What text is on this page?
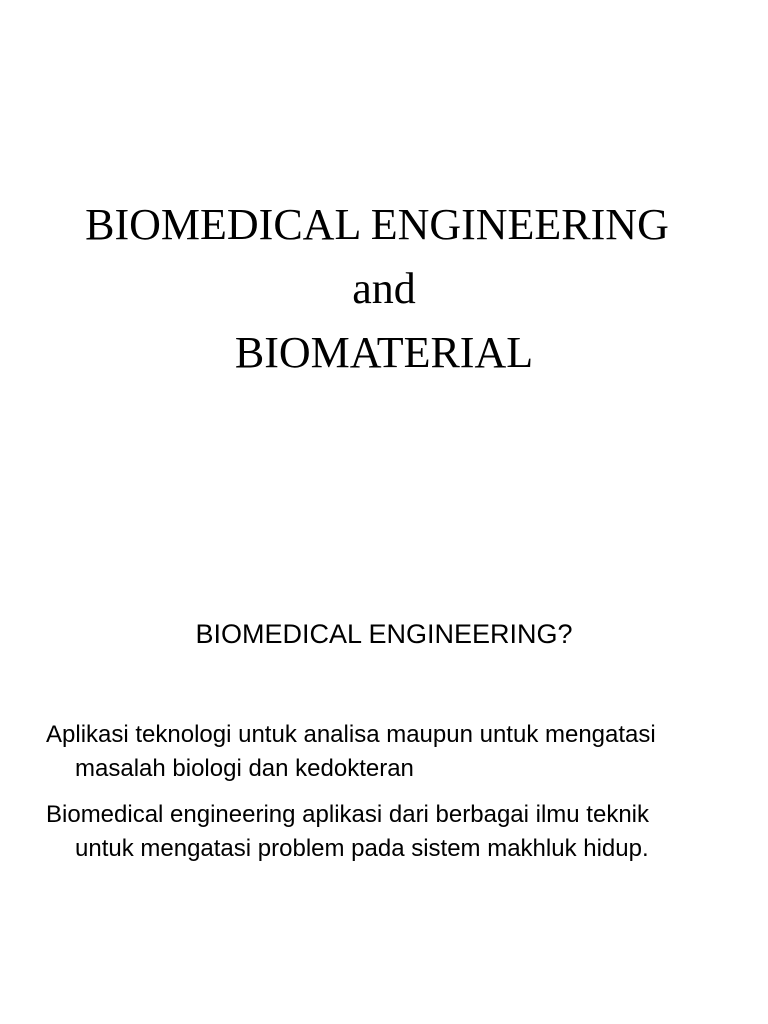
BIOMEDICAL ENGINEERING
and
BIOMATERIAL
BIOMEDICAL ENGINEERING?

Aplikasi teknologi untuk analisa maupun untuk mengatasi masalah biologi dan kedokteran

Biomedical engineering aplikasi dari berbagai ilmu teknik untuk mengatasi problem pada sistem makhluk hidup.
